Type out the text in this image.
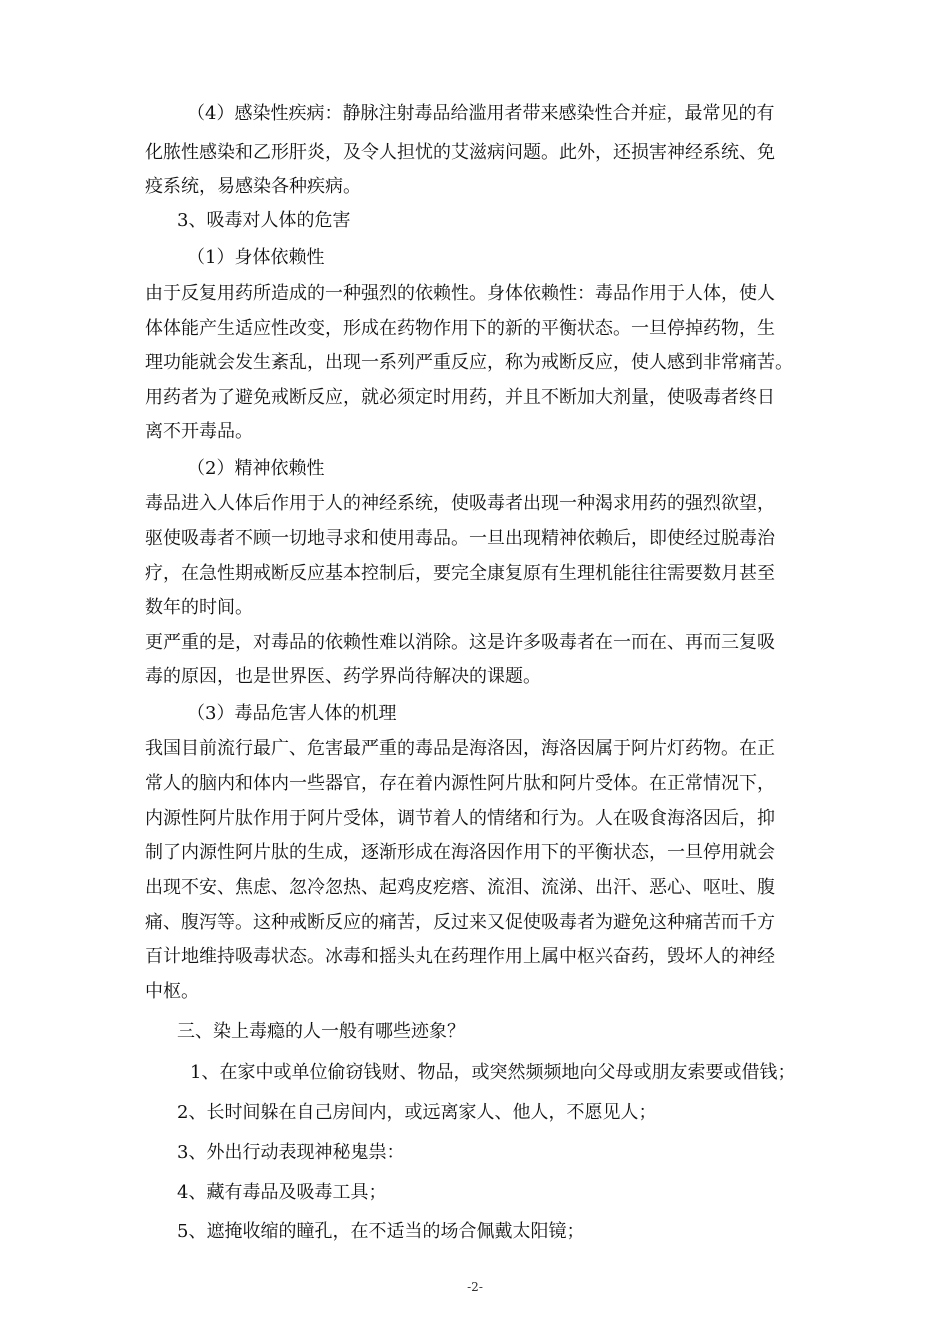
（4）感染性疾病：静脉注射毒品给滥用者带来感染性合并症，最常见的有
化脓性感染和乙形肝炎，及令人担忧的艾滋病问题。此外，还损害神经系统、免
疫系统，易感染各种疾病。
3、吸毒对人体的危害
（1）身体依赖性
由于反复用药所造成的一种强烈的依赖性。身体依赖性：毒品作用于人体，使人
体体能产生适应性改变，形成在药物作用下的新的平衡状态。一旦停掉药物，生
理功能就会发生紊乱，出现一系列严重反应，称为戒断反应，使人感到非常痛苦。
用药者为了避免戒断反应，就必须定时用药，并且不断加大剂量，使吸毒者终日
离不开毒品。
（2）精神依赖性
毒品进入人体后作用于人的神经系统，使吸毒者出现一种渴求用药的强烈欲望，
驱使吸毒者不顾一切地寻求和使用毒品。一旦出现精神依赖后，即使经过脱毒治
疗，在急性期戒断反应基本控制后，要完全康复原有生理机能往往需要数月甚至
数年的时间。
更严重的是，对毒品的依赖性难以消除。这是许多吸毒者在一而在、再而三复吸
毒的原因，也是世界医、药学界尚待解决的课题。
（3）毒品危害人体的机理
我国目前流行最广、危害最严重的毒品是海洛因，海洛因属于阿片灯药物。在正
常人的脑内和体内一些器官，存在着内源性阿片肽和阿片受体。在正常情况下，
内源性阿片肽作用于阿片受体，调节着人的情绪和行为。人在吸食海洛因后，抑
制了内源性阿片肽的生成，逐渐形成在海洛因作用下的平衡状态，一旦停用就会
出现不安、焦虑、忽冷忽热、起鸡皮疙瘩、流泪、流涕、出汗、恶心、呕吐、腹
痛、腹泻等。这种戒断反应的痛苦，反过来又促使吸毒者为避免这种痛苦而千方
百计地维持吸毒状态。冰毒和摇头丸在药理作用上属中枢兴奋药，毁坏人的神经
中枢。
三、染上毒瘾的人一般有哪些迹象？
1、在家中或单位偷窃钱财、物品，或突然频频地向父母或朋友索要或借钱；
2、长时间躲在自己房间内，或远离家人、他人，不愿见人；
3、外出行动表现神秘鬼祟：
4、藏有毒品及吸毒工具；
5、遮掩收缩的瞳孔，在不适当的场合佩戴太阳镜；
-2-
